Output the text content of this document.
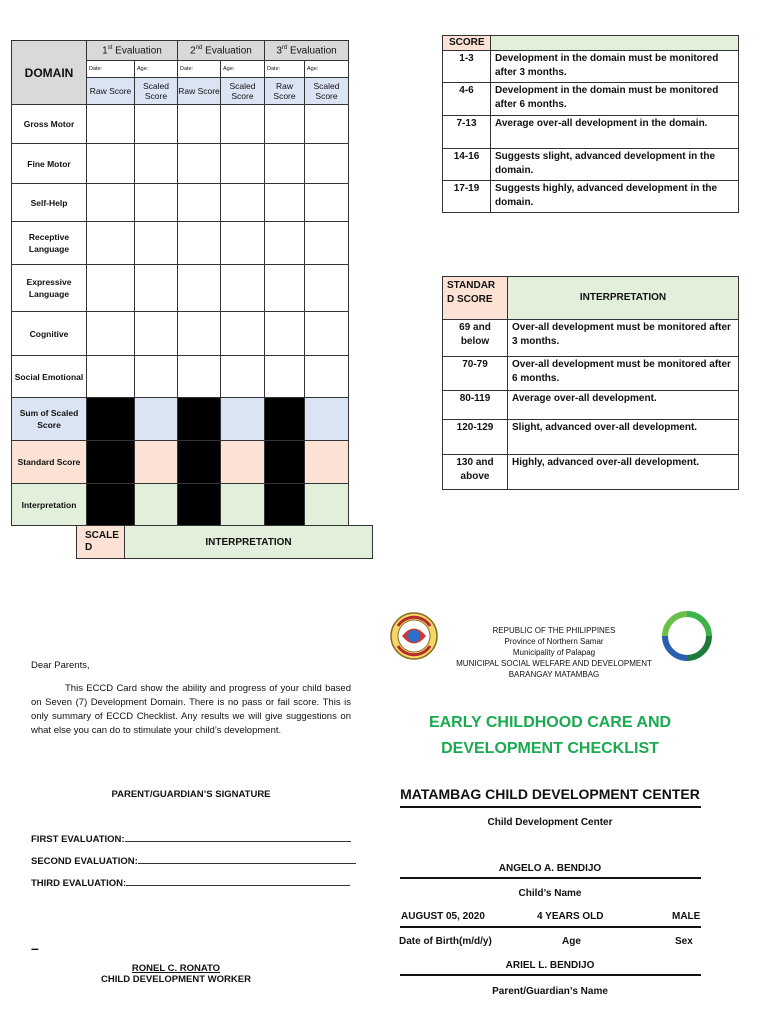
DOMAIN	1st Evaluation		2nd Evaluation		3rd Evaluation	
	Date:	Age:	Date:	Age:	Date:	Age:
	Raw Score	Scaled Score	Raw Score	Scaled Score	Raw Score	Scaled Score
Gross Motor						
Fine Motor						
Self-Help						
Receptive Language						
Expressive Language						
Cognitive						
Social Emotional						
Sum of Scaled Score						
Standard Score						
Interpretation						
SCALE D	INTERPRETATION
SCORE	
1-3	Development in the domain must be monitored after 3 months.
4-6	Development in the domain must be monitored after 6 months.
7-13	Average over-all development in the domain.
14-16	Suggests slight, advanced development in the domain.
17-19	Suggests highly, advanced development in the domain.
STANDAR D SCORE	INTERPRETATION
69 and below	Over-all development must be monitored after 3 months.
70-79	Over-all development must be monitored after 6 months.
80-119	Average over-all development.
120-129	Slight, advanced over-all development.
130 and above	Highly, advanced over-all development.
Dear Parents,
This ECCD Card show the ability and progress of your child based on Seven (7) Development Domain. There is no pass or fail score. This is only summary of ECCD Checklist. Any results we will give suggestions on what else you can do to stimulate your child’s development.
PARENT/GUARDIAN’S SIGNATURE
FIRST EVALUATION:
SECOND EVALUATION:
THIRD EVALUATION:
–
RONEL C. RONATO
CHILD DEVELOPMENT WORKER
REPUBLIC OF THE PHILIPPINES
Province of Northern Samar
Municipality of Palapag
MUNICIPAL SOCIAL WELFARE AND DEVELOPMENT
BARANGAY MATAMBAG
EARLY CHILDHOOD CARE AND
DEVELOPMENT CHECKLIST
MATAMBAG CHILD DEVELOPMENT CENTER
Child Development Center
ANGELO A. BENDIJO
Child’s Name
AUGUST 05, 2020	4 YEARS OLD	MALE
Date of Birth(m/d/y)	Age	Sex
ARIEL L. BENDIJO
Parent/Guardian’s Name
